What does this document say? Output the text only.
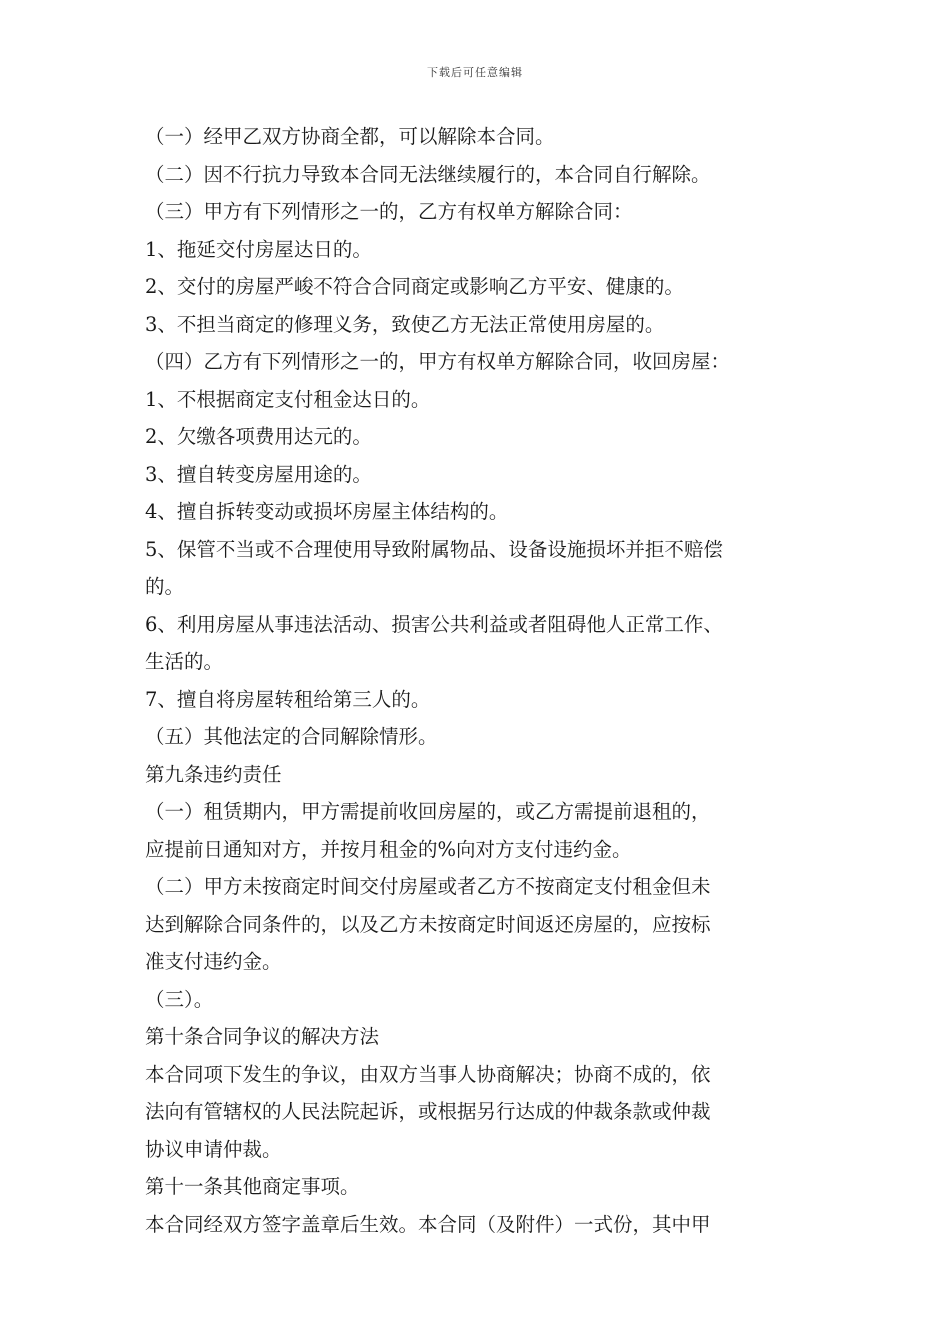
下载后可任意编辑
（一）经甲乙双方协商全都，可以解除本合同。
（二）因不行抗力导致本合同无法继续履行的，本合同自行解除。
（三）甲方有下列情形之一的，乙方有权单方解除合同：
1、拖延交付房屋达日的。
2、交付的房屋严峻不符合合同商定或影响乙方平安、健康的。
3、不担当商定的修理义务，致使乙方无法正常使用房屋的。
（四）乙方有下列情形之一的，甲方有权单方解除合同，收回房屋：
1、不根据商定支付租金达日的。
2、欠缴各项费用达元的。
3、擅自转变房屋用途的。
4、擅自拆转变动或损坏房屋主体结构的。
5、保管不当或不合理使用导致附属物品、设备设施损坏并拒不赔偿
的。
6、利用房屋从事违法活动、损害公共利益或者阻碍他人正常工作、
生活的。
7、擅自将房屋转租给第三人的。
（五）其他法定的合同解除情形。
第九条违约责任
（一）租赁期内，甲方需提前收回房屋的，或乙方需提前退租的，
应提前日通知对方，并按月租金的%向对方支付违约金。
（二）甲方未按商定时间交付房屋或者乙方不按商定支付租金但未
达到解除合同条件的，以及乙方未按商定时间返还房屋的，应按标
准支付违约金。
（三）。
第十条合同争议的解决方法
本合同项下发生的争议，由双方当事人协商解决；协商不成的，依
法向有管辖权的人民法院起诉，或根据另行达成的仲裁条款或仲裁
协议申请仲裁。
第十一条其他商定事项。
本合同经双方签字盖章后生效。本合同（及附件）一式份，其中甲
